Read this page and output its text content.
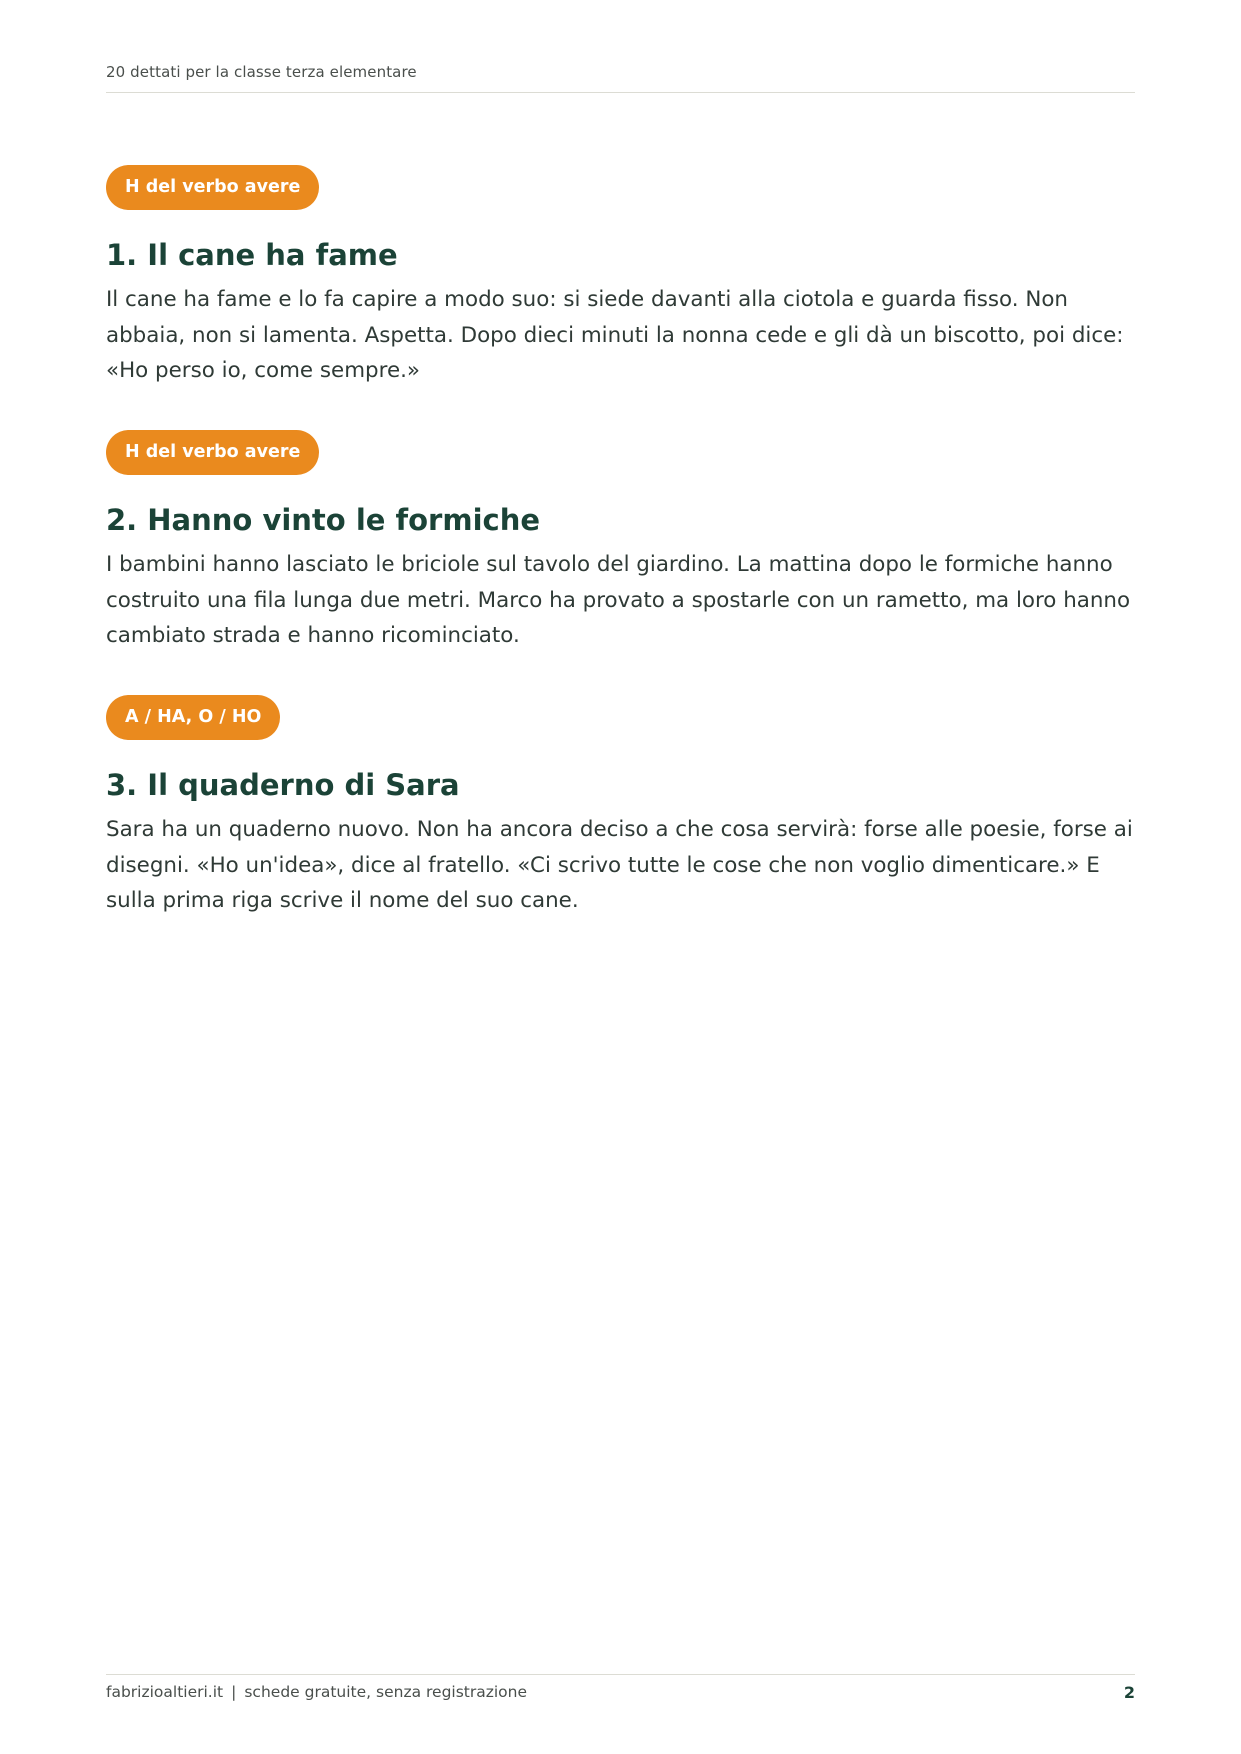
20 dettati per la classe terza elementare
H del verbo avere
1. Il cane ha fame

Il cane ha fame e lo fa capire a modo suo: si siede davanti alla ciotola e guarda fisso. Non abbaia, non si lamenta. Aspetta. Dopo dieci minuti la nonna cede e gli dà un biscotto, poi dice: «Ho perso io, come sempre.»

H del verbo avere
2. Hanno vinto le formiche

I bambini hanno lasciato le briciole sul tavolo del giardino. La mattina dopo le formiche hanno costruito una fila lunga due metri. Marco ha provato a spostarle con un rametto, ma loro hanno cambiato strada e hanno ricominciato.

A / HA, O / HO
3. Il quaderno di Sara

Sara ha un quaderno nuovo. Non ha ancora deciso a che cosa servirà: forse alle poesie, forse ai disegni. «Ho un'idea», dice al fratello. «Ci scrivo tutte le cose che non voglio dimenticare.» E sulla prima riga scrive il nome del suo cane.

fabrizioaltieri.it | schede gratuite, senza registrazione	2
